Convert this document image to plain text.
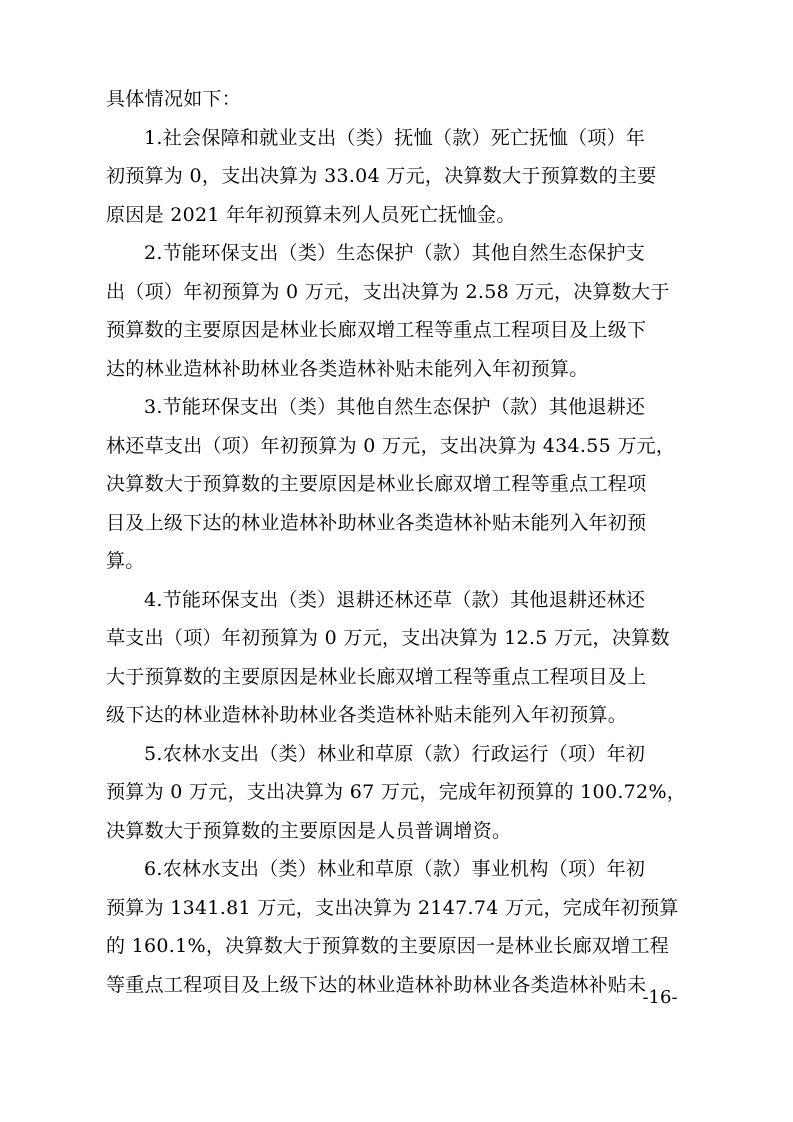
具体情况如下：

1.社会保障和就业支出（类）抚恤（款）死亡抚恤（项）年

初预算为 0，支出决算为 33.04 万元，决算数大于预算数的主要

原因是 2021 年年初预算未列人员死亡抚恤金。

2.节能环保支出（类）生态保护（款）其他自然生态保护支

出（项）年初预算为 0 万元，支出决算为 2.58 万元，决算数大于

预算数的主要原因是林业长廊双增工程等重点工程项目及上级下

达的林业造林补助林业各类造林补贴未能列入年初预算。

3.节能环保支出（类）其他自然生态保护（款）其他退耕还

林还草支出（项）年初预算为 0 万元，支出决算为 434.55 万元，

决算数大于预算数的主要原因是林业长廊双增工程等重点工程项

目及上级下达的林业造林补助林业各类造林补贴未能列入年初预

算。

4.节能环保支出（类）退耕还林还草（款）其他退耕还林还

草支出（项）年初预算为 0 万元，支出决算为 12.5 万元，决算数

大于预算数的主要原因是林业长廊双增工程等重点工程项目及上

级下达的林业造林补助林业各类造林补贴未能列入年初预算。

5.农林水支出（类）林业和草原（款）行政运行（项）年初

预算为 0 万元，支出决算为 67 万元，完成年初预算的 100.72%，

决算数大于预算数的主要原因是人员普调增资。

6.农林水支出（类）林业和草原（款）事业机构（项）年初

预算为 1341.81 万元，支出决算为 2147.74 万元，完成年初预算

的 160.1%，决算数大于预算数的主要原因一是林业长廊双增工程

等重点工程项目及上级下达的林业造林补助林业各类造林补贴未

-16-
